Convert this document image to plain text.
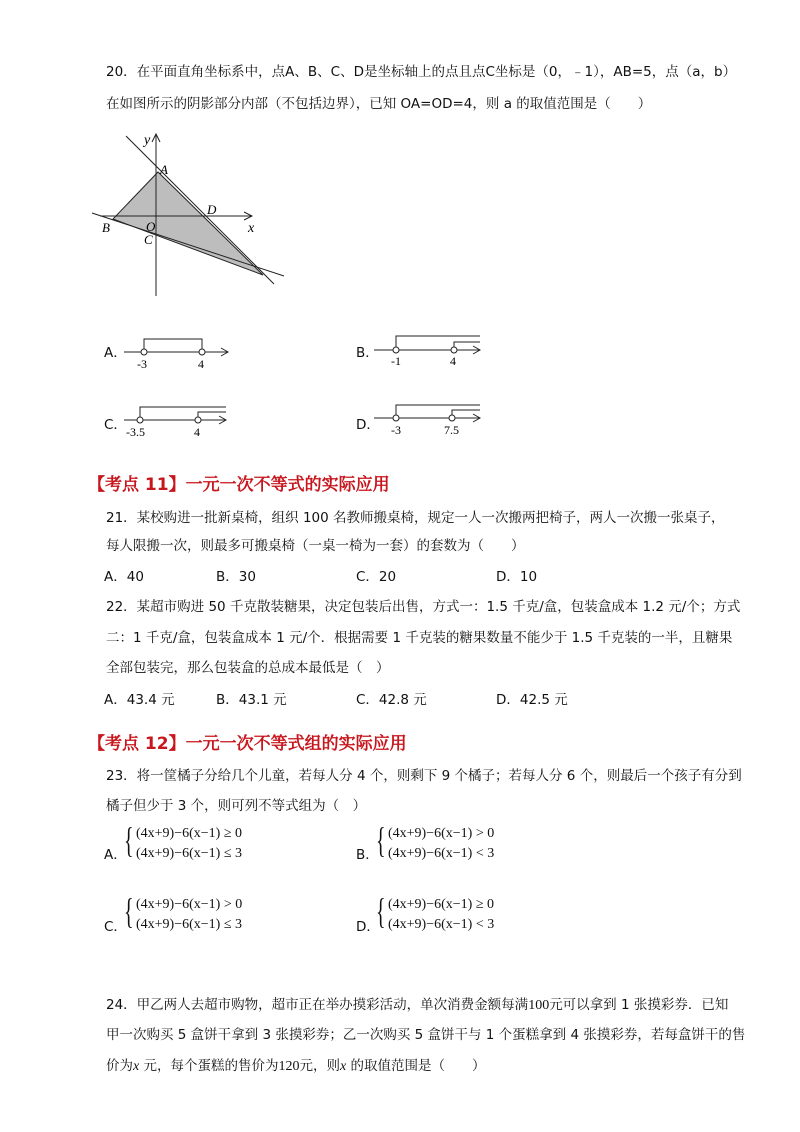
20．在平面直角坐标系中，点A、B、C、D是坐标轴上的点且点C坐标是（0，﹣1），AB=5，点（a，b）
在如图所示的阴影部分内部（不包括边界），已知 OA=OD=4，则 a 的取值范围是（　　）
y
x
A
B
C
D
O
A．
-3	4
B． -1	4
C． -3.5	4	D． -3	7.5
【考点 11】一元一次不等式的实际应用
21．某校购进一批新桌椅，组织 100 名教师搬桌椅，规定一人一次搬两把椅子，两人一次搬一张桌子，
每人限搬一次，则最多可搬桌椅（一桌一椅为一套）的套数为（　　）
A．40	B．30	C．20	D．10
22．某超市购进 50 千克散装糖果，决定包装后出售，方式一：1.5 千克/盒，包装盒成本 1.2 元/个；方式
二：1 千克/盒，包装盒成本 1 元/个．根据需要 1 千克装的糖果数量不能少于 1.5 千克装的一半，且糖果
全部包装完，那么包装盒的总成本最低是（　）
A．43.4 元	B．43.1 元	C．42.8 元	D．42.5 元
【考点 12】一元一次不等式组的实际应用
23．将一筐橘子分给几个儿童，若每人分 4 个，则剩下 9 个橘子；若每人分 6 个，则最后一个孩子有分到
橘子但少于 3 个，则可列不等式组为（　）
A．
{ (4x+9)−6(x−1) ≥ 0
(4x+9)−6(x−1) ≤ 3	B．
{ (4x+9)−6(x−1) > 0
(4x+9)−6(x−1) < 3
C．
{ (4x+9)−6(x−1) > 0
(4x+9)−6(x−1) ≤ 3	D．
{ (4x+9)−6(x−1) ≥ 0
(4x+9)−6(x−1) < 3
24．甲乙两人去超市购物，超市正在举办摸彩活动，单次消费金额每满100元可以拿到 1 张摸彩券．已知
甲一次购买 5 盒饼干拿到 3 张摸彩券；乙一次购买 5 盒饼干与 1 个蛋糕拿到 4 张摸彩券，若每盒饼干的售
价为x 元，每个蛋糕的售价为120元，则x 的取值范围是（　　）
